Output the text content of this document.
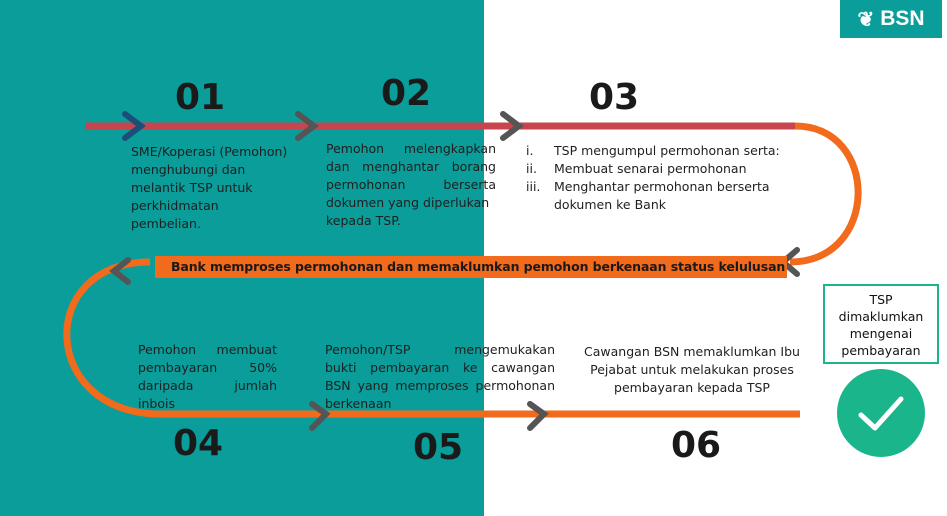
❦ BSN
Bank memproses permohonan dan memaklumkan pemohon berkenaan status kelulusan
01	02	03
04	05	06
SME/Koperasi (Pemohon)
menghubungi dan
melantik TSP untuk
perkhidmatan
pembelian.
Pemohon melengkapkan
dan menghantar borang
permohonan berserta
dokumen yang diperlukan
kepada TSP.
i.	TSP mengumpul permohonan serta:
ii.	Membuat senarai permohonan
iii.	Menghantar permohonan berserta
dokumen ke Bank
Pemohon membuat
pembayaran 50%
daripada jumlah
inbois
Pemohon/TSP mengemukakan
bukti pembayaran ke cawangan
BSN yang memproses permohonan
berkenaan
Cawangan BSN memaklumkan Ibu
Pejabat untuk melakukan proses
pembayaran kepada TSP
TSP
dimaklumkan
mengenai
pembayaran
